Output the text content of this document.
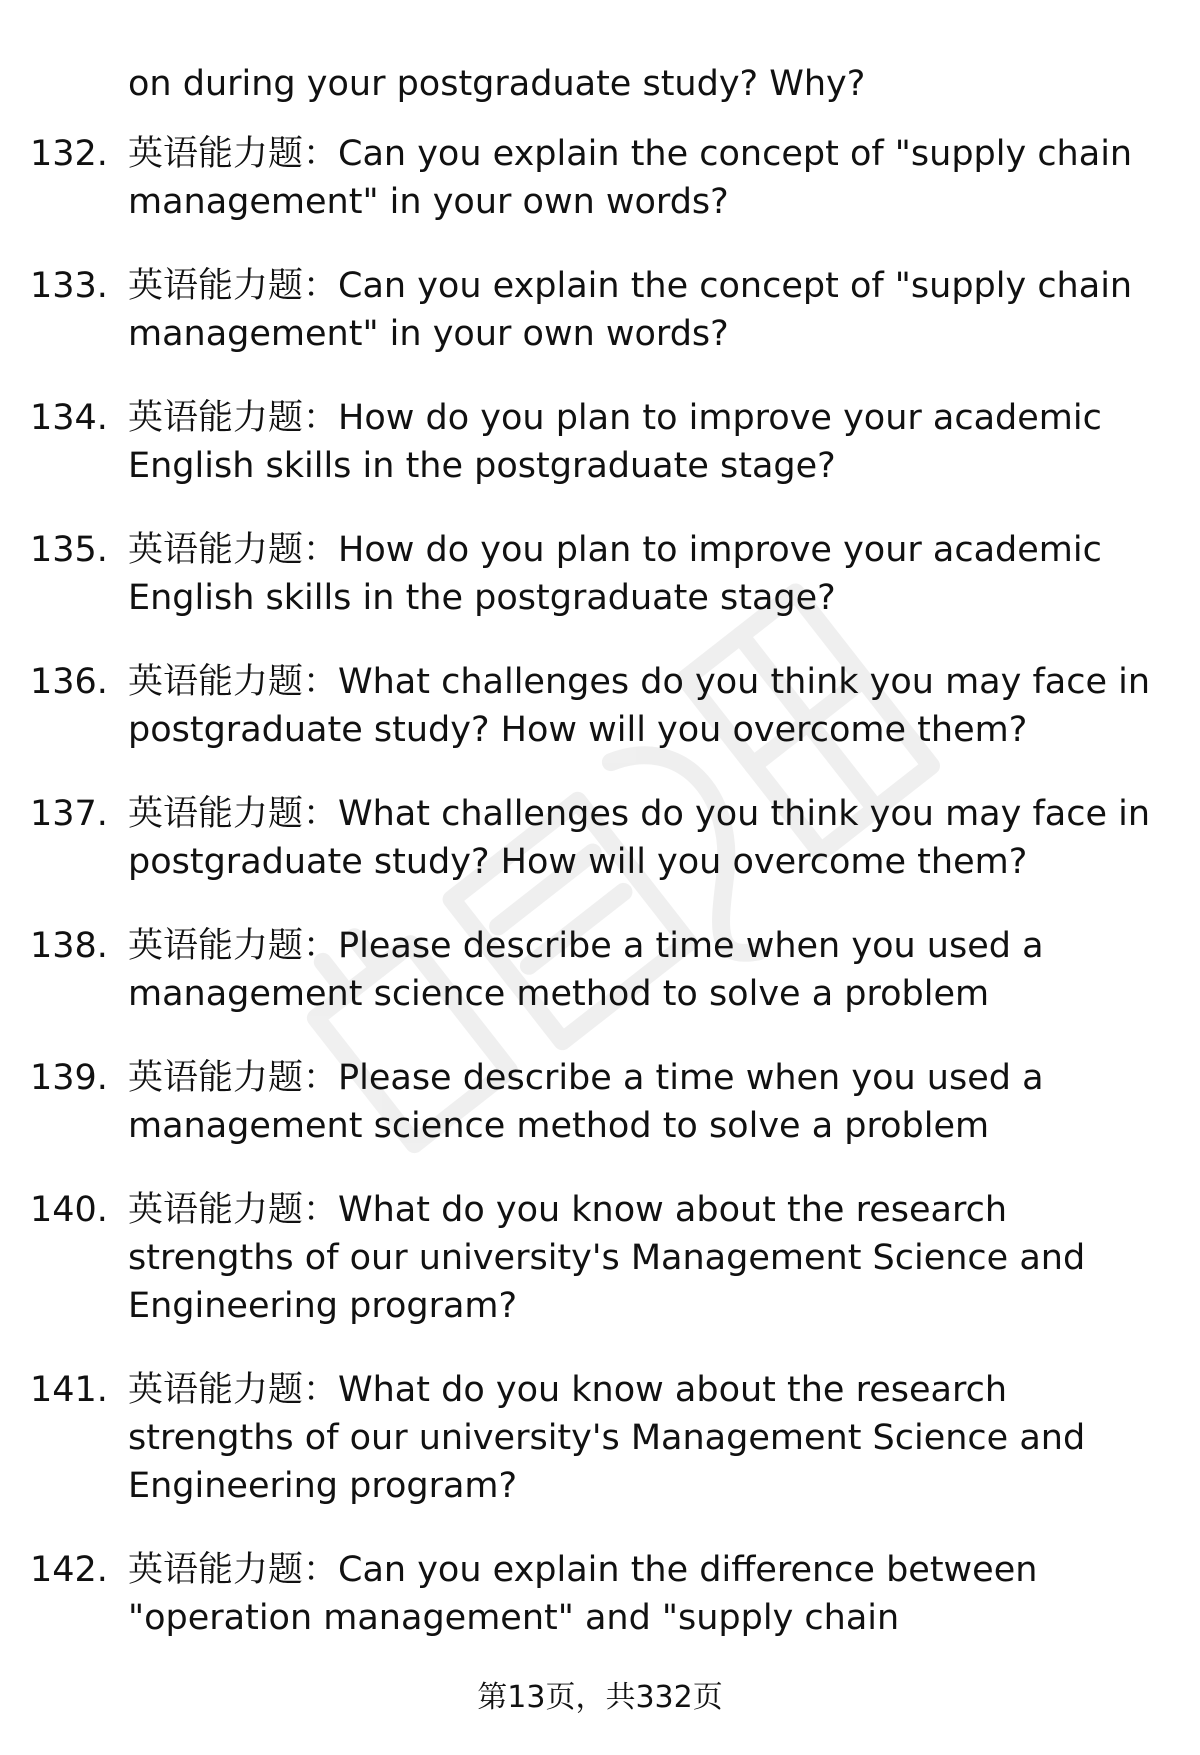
on during your postgraduate study? Why?
132. 英语能力题：Can you explain the concept of "supply chain management" in your own words?
133. 英语能力题：Can you explain the concept of "supply chain management" in your own words?
134. 英语能力题：How do you plan to improve your academic English skills in the postgraduate stage?
135. 英语能力题：How do you plan to improve your academic English skills in the postgraduate stage?
136. 英语能力题：What challenges do you think you may face in postgraduate study? How will you overcome them?
137. 英语能力题：What challenges do you think you may face in postgraduate study? How will you overcome them?
138. 英语能力题：Please describe a time when you used a management science method to solve a problem
139. 英语能力题：Please describe a time when you used a management science method to solve a problem
140. 英语能力题：What do you know about the research strengths of our university's Management Science and Engineering program?
141. 英语能力题：What do you know about the research strengths of our university's Management Science and Engineering program?
142. 英语能力题：Can you explain the difference between "operation management" and "supply chain
第13页，共332页
